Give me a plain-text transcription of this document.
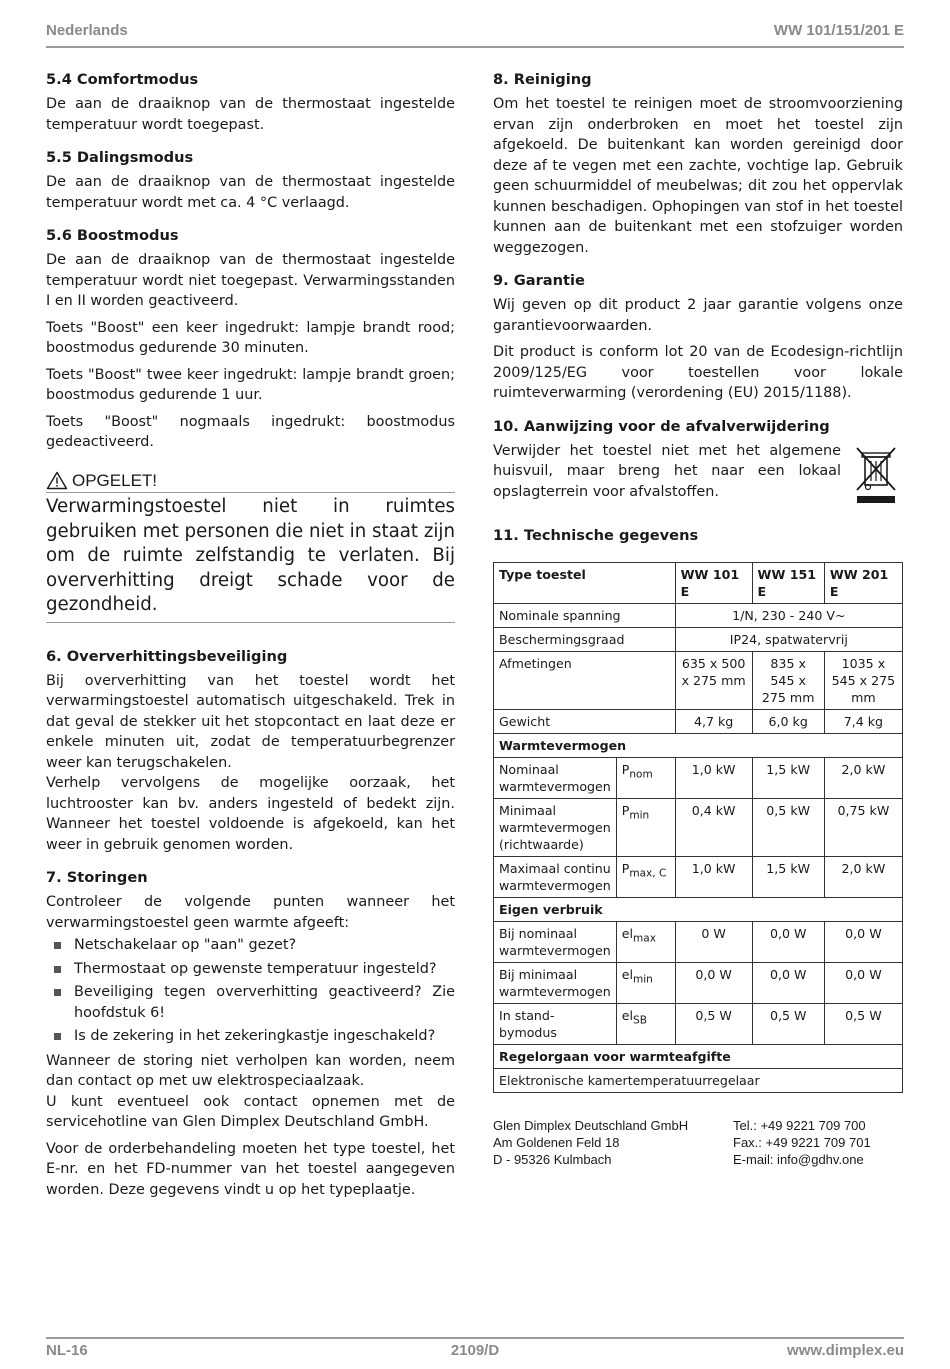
Nederlands	WW 101/151/201 E
5.4 Comfortmodus

De aan de draaiknop van de thermostaat ingestelde temperatuur wordt toegepast.

5.5 Dalingsmodus

De aan de draaiknop van de thermostaat ingestelde temperatuur wordt met ca. 4 °C verlaagd.

5.6 Boostmodus

De aan de draaiknop van de thermostaat ingestelde temperatuur wordt niet toegepast. Verwarmingsstanden I en II worden geactiveerd.

Toets "Boost" een keer ingedrukt: lampje brandt rood; boostmodus gedurende 30 minuten.

Toets "Boost" twee keer ingedrukt: lampje brandt groen; boostmodus gedurende 1 uur.

Toets "Boost" nogmaals ingedrukt: boostmodus gedeactiveerd.

OPGELET!
Verwarmingstoestel niet in ruimtes gebruiken met personen die niet in staat zijn om de ruimte zelfstandig te verlaten. Bij oververhitting dreigt schade voor de gezondheid.
6. Oververhittingsbeveiliging

Bij oververhitting van het toestel wordt het verwarmingstoestel automatisch uitgeschakeld. Trek in dat geval de stekker uit het stopcontact en laat deze er enkele minuten uit, zodat de temperatuurbegrenzer weer kan terugschakelen.

Verhelp vervolgens de mogelijke oorzaak, het luchtrooster kan bv. anders ingesteld of bedekt zijn. Wanneer het toestel voldoende is afgekoeld, kan het weer in gebruik genomen worden.

7. Storingen

Controleer de volgende punten wanneer het verwarmingstoestel geen warmte afgeeft:

Netschakelaar op "aan" gezet?
Thermostaat op gewenste temperatuur ingesteld?
Beveiliging tegen oververhitting geactiveerd? Zie hoofdstuk 6!
Is de zekering in het zekeringkastje ingeschakeld?

Wanneer de storing niet verholpen kan worden, neem dan contact op met uw elektrospeciaalzaak.

U kunt eventueel ook contact opnemen met de servicehotline van Glen Dimplex Deutschland GmbH.

Voor de orderbehandeling moeten het type toestel, het E-nr. en het FD-nummer van het toestel aangegeven worden. Deze gegevens vindt u op het typeplaatje.

8. Reiniging

Om het toestel te reinigen moet de stroomvoorziening ervan zijn onderbroken en moet het toestel zijn afgekoeld. De buitenkant kan worden gereinigd door deze af te vegen met een zachte, vochtige lap. Gebruik geen schuurmiddel of meubelwas; dit zou het oppervlak kunnen beschadigen. Ophopingen van stof in het toestel kunnen aan de buitenkant met een stofzuiger worden weggezogen.

9. Garantie

Wij geven op dit product 2 jaar garantie volgens onze garantievoorwaarden.

Dit product is conform lot 20 van de Ecodesign-richtlijn 2009/125/EG voor toestellen voor lokale ruimteverwarming (verordening (EU) 2015/1188).

10. Aanwijzing voor de afvalverwijdering

Verwijder het toestel niet met het algemene huisvuil, maar breng het naar een lokaal opslagterrein voor afvalstoffen.

11. Technische gegevens
Type toestel		WW 101 E	WW 151 E	WW 201 E
Nominale spanning		1/N, 230 - 240 V~		
Beschermingsgraad		IP24, spatwatervrij		
Afmetingen		635 x 500 x 275 mm	835 x 545 x 275 mm	1035 x 545 x 275 mm
Gewicht		4,7 kg	6,0 kg	7,4 kg
Warmtevermogen				
Nominaal warmtevermogen	$P_{nom}$	1,0 kW	1,5 kW	2,0 kW
Minimaal warmtevermogen (richtwaarde)	$P_{min}$	0,4 kW	0,5 kW	0,75 kW
Maximaal continu warmtevermogen	$P_{max, C}$	1,0 kW	1,5 kW	2,0 kW
Eigen verbruik				
Bij nominaal warmtevermogen	$el_{max}$	0 W	0,0 W	0,0 W
Bij minimaal warmtevermogen	$el_{min}$	0,0 W	0,0 W	0,0 W
In stand-bymodus	$el_{SB}$	0,5 W	0,5 W	0,5 W
Regelorgaan voor warmteafgifte				
Elektronische kamertemperatuurregelaar				
Glen Dimplex Deutschland GmbH
Am Goldenen Feld 18
D - 95326 Kulmbach
Tel.: +49 9221 709 700
Fax.: +49 9221 709 701
E-mail: info@gdhv.one
NL-16	2109/D	www.dimplex.eu
